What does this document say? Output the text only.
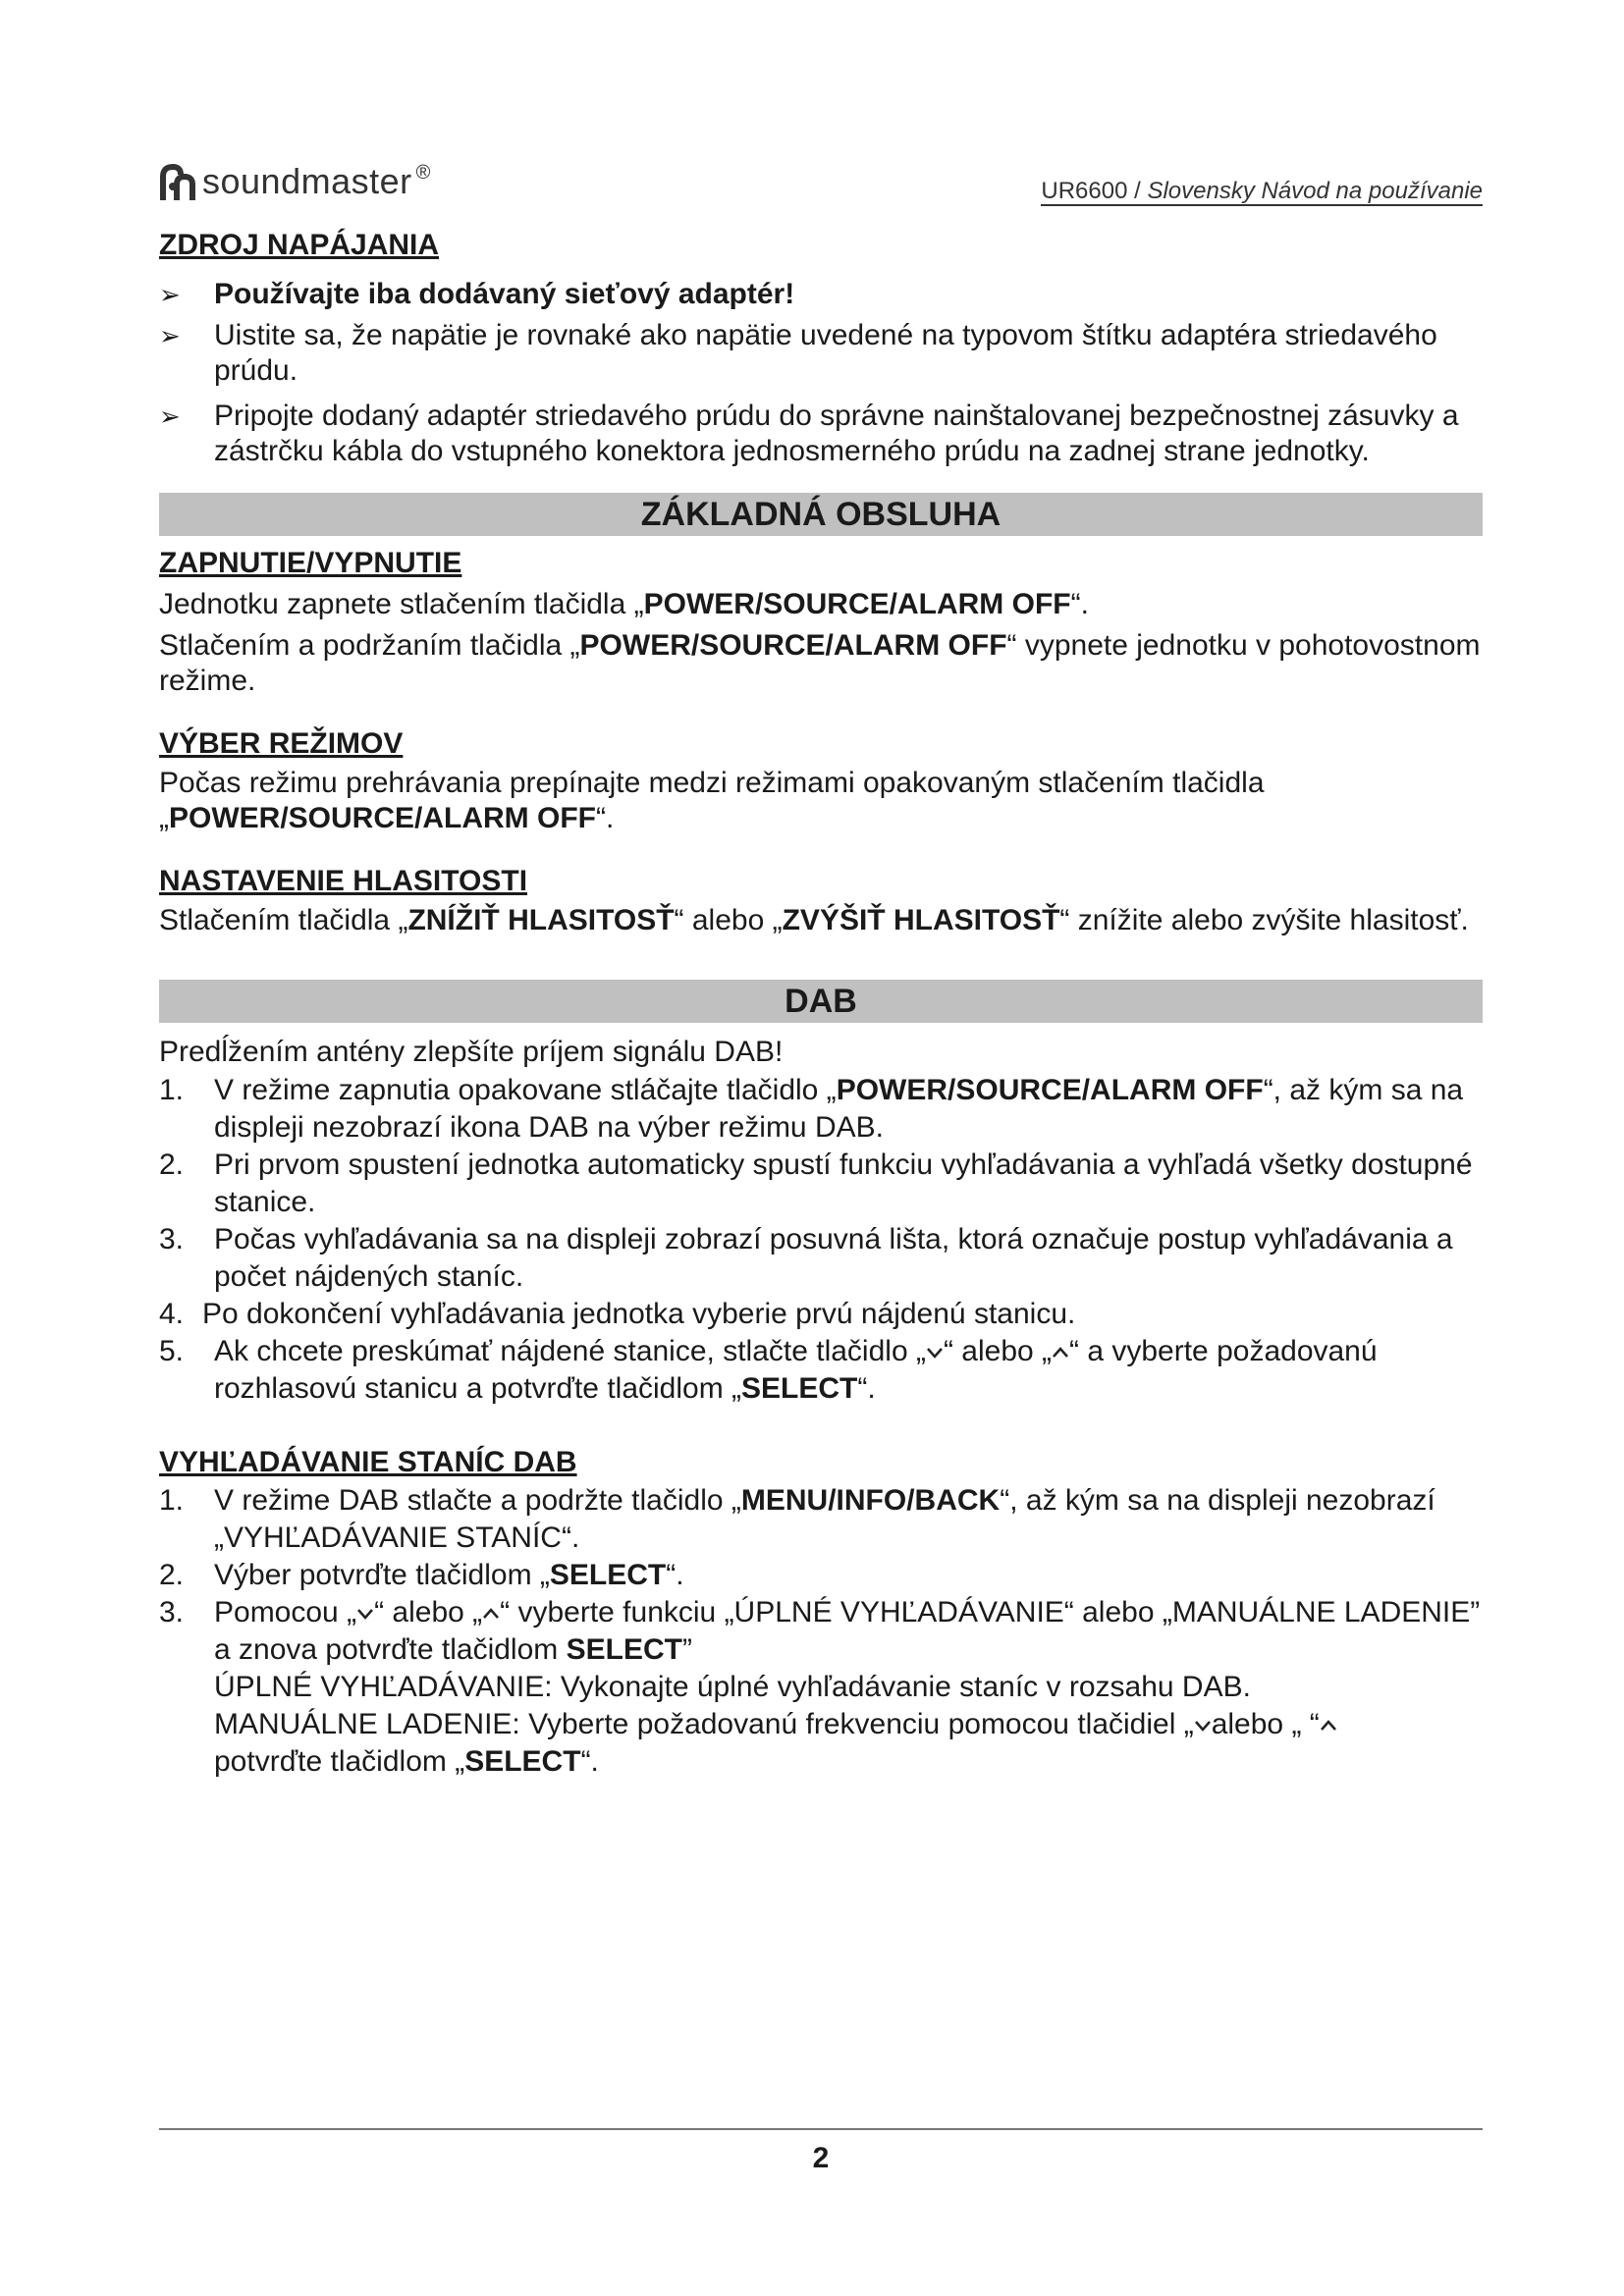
soundmaster ®
UR6600 / Slovensky Návod na používanie
ZDROJ NAPÁJANIA
➢	Používajte iba dodávaný sieťový adaptér!
➢	Uistite sa, že napätie je rovnaké ako napätie uvedené na typovom štítku adaptéra striedavého prúdu.
➢	Pripojte dodaný adaptér striedavého prúdu do správne nainštalovanej bezpečnostnej zásuvky a zástrčku kábla do vstupného konektora jednosmerného prúdu na zadnej strane jednotky.
ZÁKLADNÁ OBSLUHA
ZAPNUTIE/VYPNUTIE

Jednotku zapnete stlačením tlačidla „POWER/SOURCE/ALARM OFF“.

Stlačením a podržaním tlačidla „POWER/SOURCE/ALARM OFF“ vypnete jednotku v pohotovostnom režime.

VÝBER REŽIMOV

Počas režimu prehrávania prepínajte medzi režimami opakovaným stlačením tlačidla „POWER/SOURCE/ALARM OFF“.

NASTAVENIE HLASITOSTI

Stlačením tlačidla „ZNÍŽIŤ HLASITOSŤ“ alebo „ZVÝŠIŤ HLASITOSŤ“ znížite alebo zvýšite hlasitosť.

DAB

Predĺžením antény zlepšíte príjem signálu DAB!

1.	V režime zapnutia opakovane stláčajte tlačidlo „POWER/SOURCE/ALARM OFF“, až kým sa na displeji nezobrazí ikona DAB na výber režimu DAB.
2.	Pri prvom spustení jednotka automaticky spustí funkciu vyhľadávania a vyhľadá všetky dostupné stanice.
3.	Počas vyhľadávania sa na displeji zobrazí posuvná lišta, ktorá označuje postup vyhľadávania a počet nájdených staníc.
4. Po dokončení vyhľadávania jednotka vyberie prvú nájdenú stanicu.
5.	Ak chcete preskúmať nájdené stanice, stlačte tlačidlo „ “ alebo „ “ a vyberte požadovanú rozhlasovú stanicu a potvrďte tlačidlom „SELECT“.
VYHĽADÁVANIE STANÍC DAB
1.	V režime DAB stlačte a podržte tlačidlo „MENU/INFO/BACK“, až kým sa na displeji nezobrazí „VYHĽADÁVANIE STANÍC“.
2.	Výber potvrďte tlačidlom „SELECT“.
3.	Pomocou „ “ alebo „ “ vyberte funkciu „ÚPLNÉ VYHĽADÁVANIE“ alebo „MANUÁLNE LADENIE” a znova potvrďte tlačidlom SELECT”
ÚPLNÉ VYHĽADÁVANIE: Vykonajte úplné vyhľadávanie staníc v rozsahu DAB.
MANUÁLNE LADENIE: Vyberte požadovanú frekvenciu pomocou tlačidiel „ alebo „ “
potvrďte tlačidlom „SELECT“.
2
